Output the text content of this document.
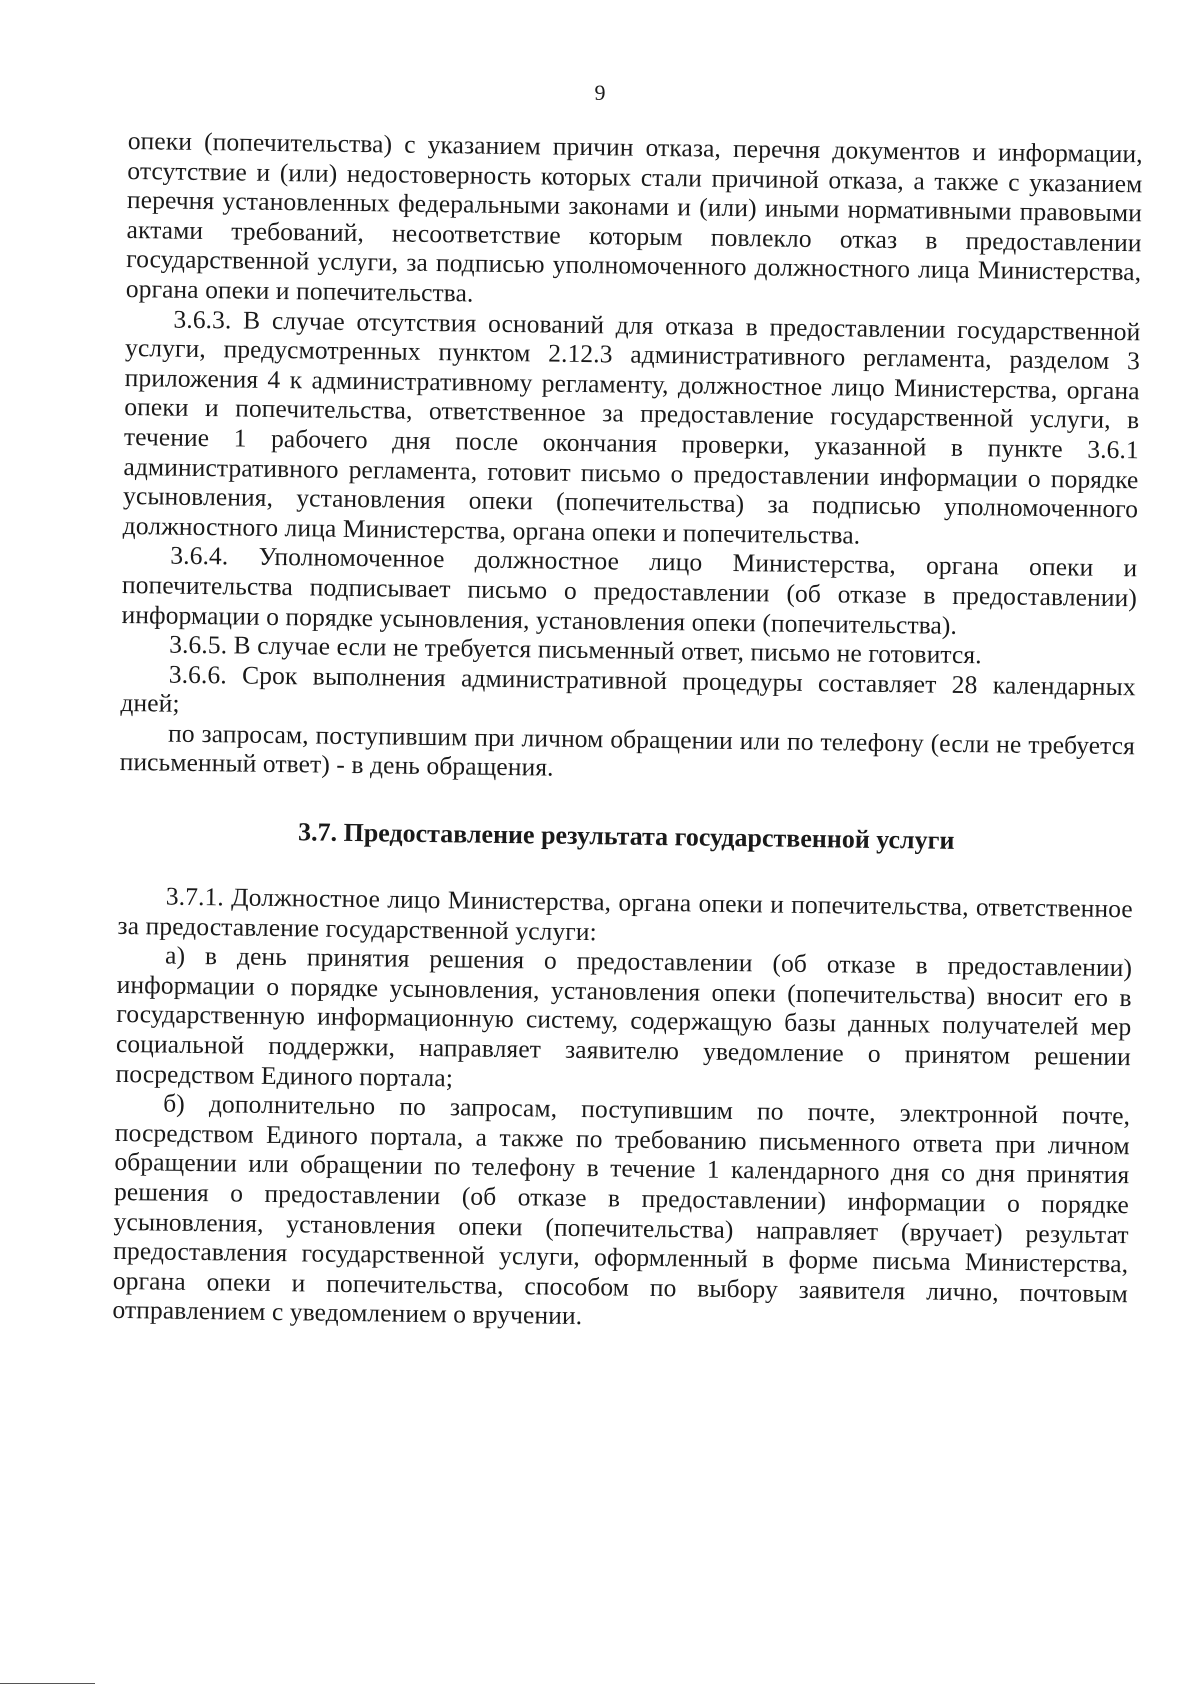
9

опеки (попечительства) с указанием причин отказа, перечня документов и информации, отсутствие и (или) недостоверность которых стали причиной отказа, а также с указанием перечня установленных федеральными законами и (или) иными нормативными правовыми актами требований, несоответствие которым повлекло отказ в предоставлении государственной услуги, за подписью уполномоченного должностного лица Министерства, органа опеки и попечительства.

3.6.3. В случае отсутствия оснований для отказа в предоставлении государственной услуги, предусмотренных пунктом 2.12.3 административного регламента, разделом 3 приложения 4 к административному регламенту, должностное лицо Министерства, органа опеки и попечительства, ответственное за предоставление государственной услуги, в течение 1 рабочего дня после окончания проверки, указанной в пункте 3.6.1 административного регламента, готовит письмо о предоставлении информации о порядке усыновления, установления опеки (попечительства) за подписью уполномоченного должностного лица Министерства, органа опеки и попечительства.

3.6.4. Уполномоченное должностное лицо Министерства, органа опеки и попечительства подписывает письмо о предоставлении (об отказе в предоставлении) информации о порядке усыновления, установления опеки (попечительства).

3.6.5. В случае если не требуется письменный ответ, письмо не готовится.

3.6.6. Срок выполнения административной процедуры составляет 28 календарных дней;

по запросам, поступившим при личном обращении или по телефону (если не требуется письменный ответ) - в день обращения.

3.7. Предоставление результата государственной услуги

3.7.1. Должностное лицо Министерства, органа опеки и попечительства, ответственное за предоставление государственной услуги:

а) в день принятия решения о предоставлении (об отказе в предоставлении) информации о порядке усыновления, установления опеки (попечительства) вносит его в государственную информационную систему, содержащую базы данных получателей мер социальной поддержки, направляет заявителю уведомление о принятом решении посредством Единого портала;

б) дополнительно по запросам, поступившим по почте, электронной почте, посредством Единого портала, а также по требованию письменного ответа при личном обращении или обращении по телефону в течение 1 календарного дня со дня принятия решения о предоставлении (об отказе в предоставлении) информации о порядке усыновления, установления опеки (попечительства) направляет (вручает) результат предоставления государственной услуги, оформленный в форме письма Министерства, органа опеки и попечительства, способом по выбору заявителя лично, почтовым отправлением с уведомлением о вручении.
